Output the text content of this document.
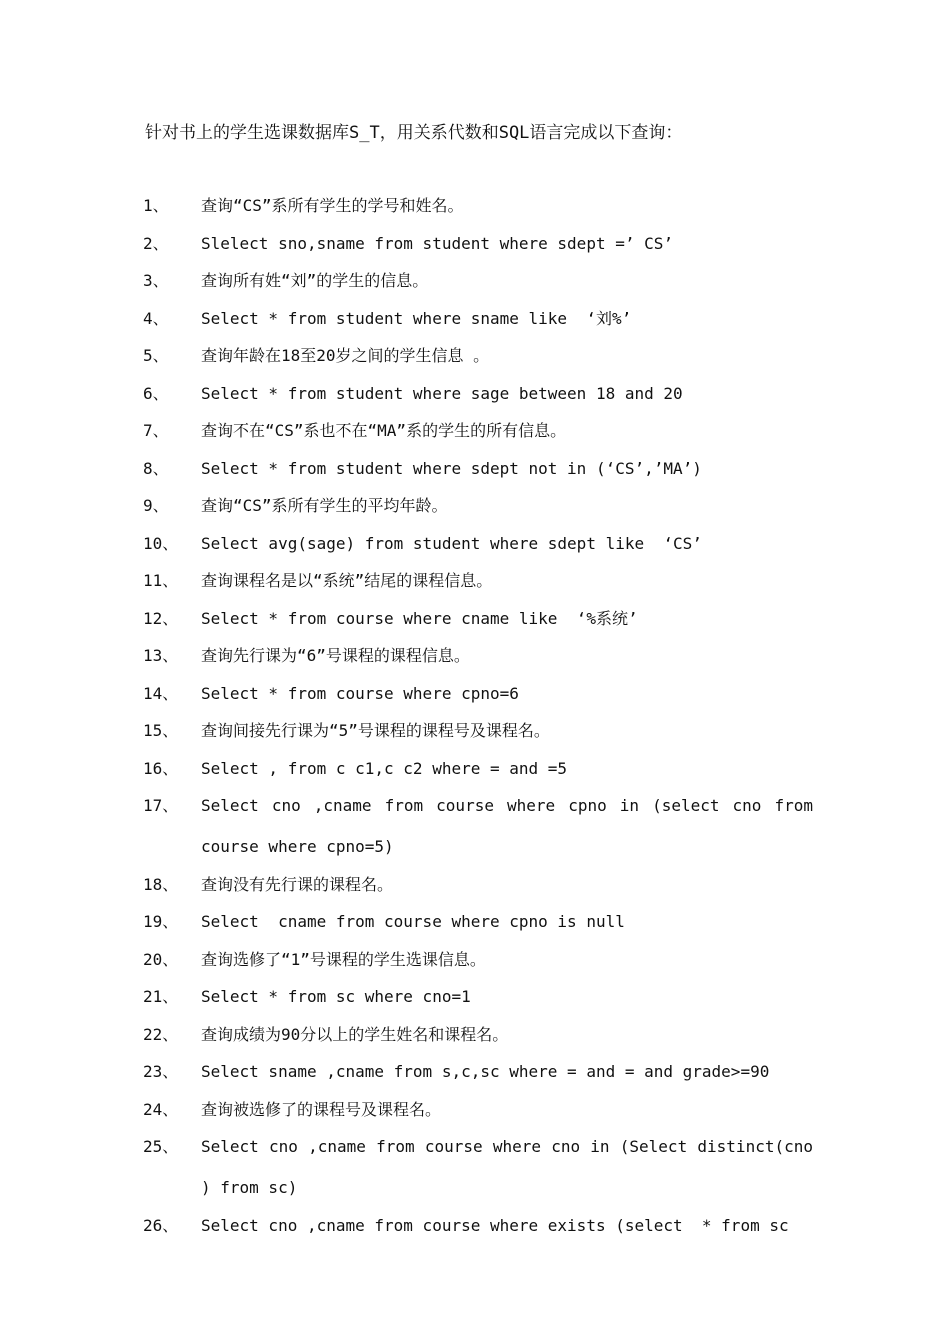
针对书上的学生选课数据库S_T，用关系代数和SQL语言完成以下查询：
1、	查询“CS”系所有学生的学号和姓名。
2、	Slelect sno,sname from student where sdept =’ CS’
3、	查询所有姓“刘”的学生的信息。
4、	Select * from student where sname like  ‘刘%’
5、	查询年龄在18至20岁之间的学生信息 。
6、	Select * from student where sage between 18 and 20
7、	查询不在“CS”系也不在“MA”系的学生的所有信息。
8、	Select * from student where sdept not in (‘CS’,’MA’)
9、	查询“CS”系所有学生的平均年龄。
10、	Select avg(sage) from student where sdept like  ‘CS’
11、	查询课程名是以“系统”结尾的课程信息。
12、	Select * from course where cname like  ‘%系统’
13、	查询先行课为“6”号课程的课程信息。
14、	Select * from course where cpno=6
15、	查询间接先行课为“5”号课程的课程号及课程名。
16、	Select , from c c1,c c2 where = and =5
17、	Select cno ,cname from course where cpno in (select cno from
course where cpno=5)
18、	查询没有先行课的课程名。
19、	Select  cname from course where cpno is null
20、	查询选修了“1”号课程的学生选课信息。
21、	Select * from sc where cno=1
22、	查询成绩为90分以上的学生姓名和课程名。
23、	Select sname ,cname from s,c,sc where = and = and grade>=90
24、	查询被选修了的课程号及课程名。
25、	Select cno ,cname from course where cno in (Select distinct(cno
) from sc)
26、	Select cno ,cname from course where exists (select  * from sc
